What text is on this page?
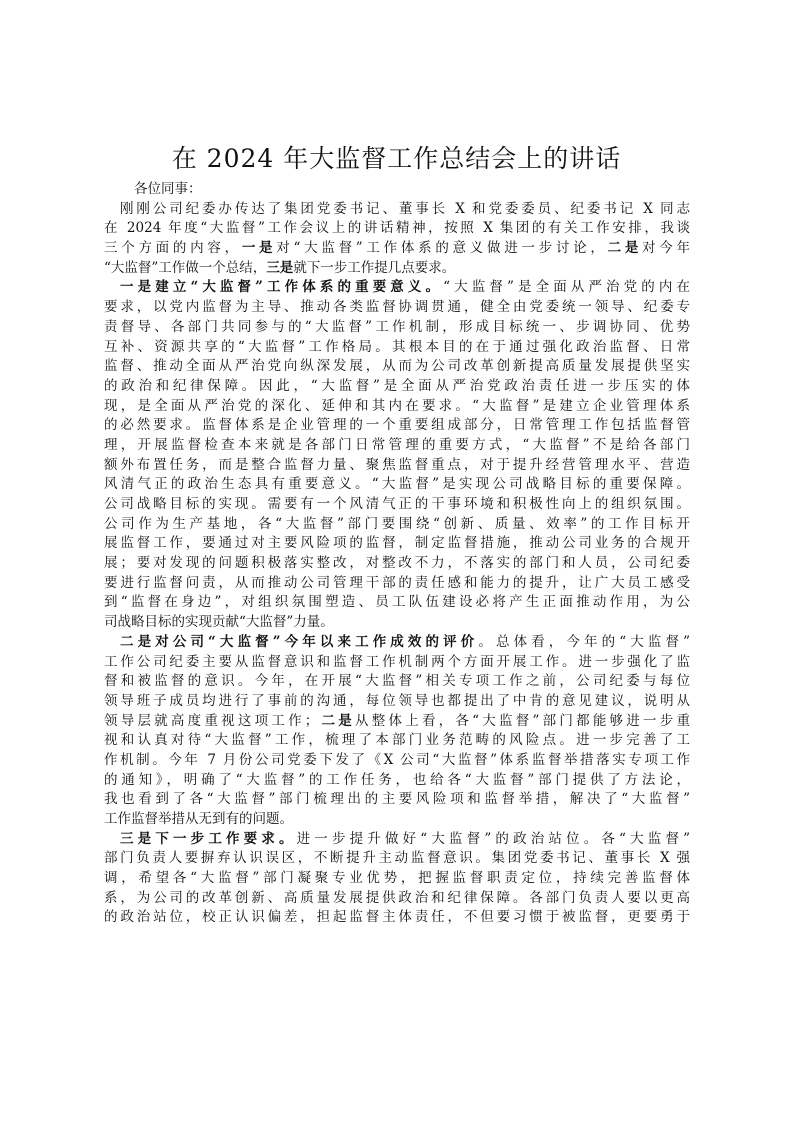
在 2024 年大监督工作总结会上的讲话
各位同事：
刚刚公司纪委办传达了集团党委书记、董事长 X 和党委委员、纪委书记 X 同志
在 2024 年度“大监督”工作会议上的讲话精神，按照 X 集团的有关工作安排，我谈
三个方面的内容，一是对“大监督”工作体系的意义做进一步讨论，二是对今年
“大监督”工作做一个总结，三是就下一步工作提几点要求。
一是建立“大监督”工作体系的重要意义。“大监督”是全面从严治党的内在
要求，以党内监督为主导、推动各类监督协调贯通，健全由党委统一领导、纪委专
责督导、各部门共同参与的“大监督”工作机制，形成目标统一、步调协同、优势
互补、资源共享的“大监督”工作格局。其根本目的在于通过强化政治监督、日常
监督、推动全面从严治党向纵深发展，从而为公司改革创新提高质量发展提供坚实
的政治和纪律保障。因此，“大监督”是全面从严治党政治责任进一步压实的体
现，是全面从严治党的深化、延伸和其内在要求。“大监督”是建立企业管理体系
的必然要求。监督体系是企业管理的一个重要组成部分，日常管理工作包括监督管
理，开展监督检查本来就是各部门日常管理的重要方式，“大监督”不是给各部门
额外布置任务，而是整合监督力量、聚焦监督重点，对于提升经营管理水平、营造
风清气正的政治生态具有重要意义。“大监督”是实现公司战略目标的重要保障。
公司战略目标的实现。需要有一个风清气正的干事环境和积极性向上的组织氛围。
公司作为生产基地，各“大监督”部门要围绕“创新、质量、效率”的工作目标开
展监督工作，要通过对主要风险项的监督，制定监督措施，推动公司业务的合规开
展；要对发现的问题积极落实整改，对整改不力，不落实的部门和人员，公司纪委
要进行监督问责，从而推动公司管理干部的责任感和能力的提升，让广大员工感受
到“监督在身边”，对组织氛围塑造、员工队伍建设必将产生正面推动作用，为公
司战略目标的实现贡献“大监督”力量。
二是对公司“大监督”今年以来工作成效的评价。总体看，今年的“大监督”
工作公司纪委主要从监督意识和监督工作机制两个方面开展工作。进一步强化了监
督和被监督的意识。今年，在开展“大监督”相关专项工作之前，公司纪委与每位
领导班子成员均进行了事前的沟通，每位领导也都提出了中肯的意见建议，说明从
领导层就高度重视这项工作；二是从整体上看，各“大监督”部门都能够进一步重
视和认真对待“大监督”工作，梳理了本部门业务范畴的风险点。进一步完善了工
作机制。今年 7 月份公司党委下发了《X 公司“大监督”体系监督举措落实专项工作
的通知》，明确了“大监督”的工作任务，也给各“大监督”部门提供了方法论，
我也看到了各“大监督”部门梳理出的主要风险项和监督举措，解决了“大监督”
工作监督举措从无到有的问题。
三是下一步工作要求。进一步提升做好“大监督”的政治站位。各“大监督”
部门负责人要摒弃认识误区，不断提升主动监督意识。集团党委书记、董事长 X 强
调，希望各“大监督”部门凝聚专业优势，把握监督职责定位，持续完善监督体
系，为公司的改革创新、高质量发展提供政治和纪律保障。各部门负责人要以更高
的政治站位，校正认识偏差，担起监督主体责任，不但要习惯于被监督，更要勇于
